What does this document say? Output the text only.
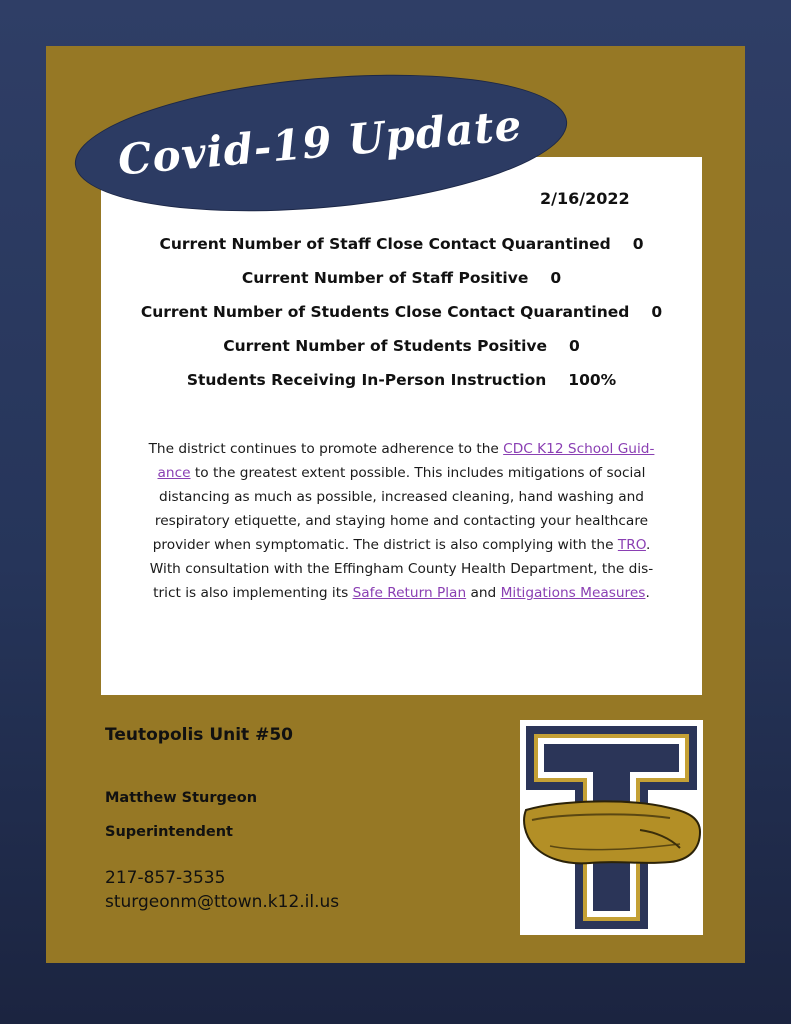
Covid-19 Update
2/16/2022
Current Number of Staff Close Contact Quarantined 0
Current Number of Staff Positive 0
Current Number of Students Close Contact Quarantined 0
Current Number of Students Positive 0
Students Receiving In-Person Instruction 100%
The district continues to promote adherence to the CDC K12 School Guid-
ance to the greatest extent possible. This includes mitigations of social distancing as much as possible, increased cleaning, hand washing and respiratory etiquette, and staying home and contacting your healthcare provider when symptomatic. The district is also complying with the TRO. With consultation with the Effingham County Health Department, the dis-trict is also implementing its Safe Return Plan and Mitigations Measures.
Teutopolis Unit #50
Matthew Sturgeon
Superintendent
217-857-3535
sturgeonm@ttown.k12.il.us
